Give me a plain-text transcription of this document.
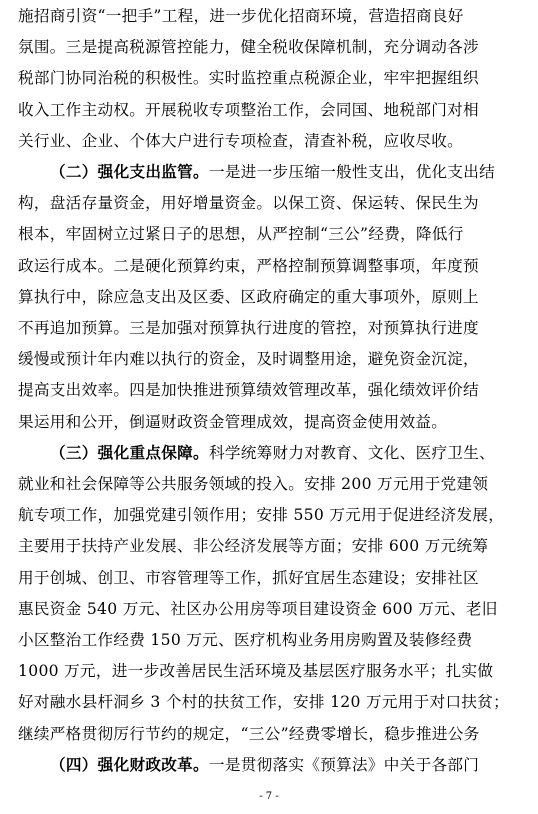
施招商引资“一把手”工程，进一步优化招商环境，营造招商良好
氛围。三是提高税源管控能力，健全税收保障机制，充分调动各涉
税部门协同治税的积极性。实时监控重点税源企业，牢牢把握组织
收入工作主动权。开展税收专项整治工作，会同国、地税部门对相
关行业、企业、个体大户进行专项检查，清查补税，应收尽收。
（二）强化支出监管。一是进一步压缩一般性支出，优化支出结
构，盘活存量资金，用好增量资金。以保工资、保运转、保民生为
根本，牢固树立过紧日子的思想，从严控制“三公”经费，降低行
政运行成本。二是硬化预算约束，严格控制预算调整事项，年度预
算执行中，除应急支出及区委、区政府确定的重大事项外，原则上
不再追加预算。三是加强对预算执行进度的管控，对预算执行进度
缓慢或预计年内难以执行的资金，及时调整用途，避免资金沉淀，
提高支出效率。四是加快推进预算绩效管理改革，强化绩效评价结
果运用和公开，倒逼财政资金管理成效，提高资金使用效益。
（三）强化重点保障。科学统筹财力对教育、文化、医疗卫生、
就业和社会保障等公共服务领域的投入。安排 200 万元用于党建领
航专项工作，加强党建引领作用；安排 550 万元用于促进经济发展，
主要用于扶持产业发展、非公经济发展等方面；安排 600 万元统筹
用于创城、创卫、市容管理等工作，抓好宜居生态建设；安排社区
惠民资金 540 万元、社区办公用房等项目建设资金 600 万元、老旧
小区整治工作经费 150 万元、医疗机构业务用房购置及装修经费
1000 万元，进一步改善居民生活环境及基层医疗服务水平；扎实做
好对融水县杆洞乡 3 个村的扶贫工作，安排 120 万元用于对口扶贫；
继续严格贯彻厉行节约的规定，“三公”经费零增长，稳步推进公务
（四）强化财政改革。一是贯彻落实《预算法》中关于各部门
- 7 -
